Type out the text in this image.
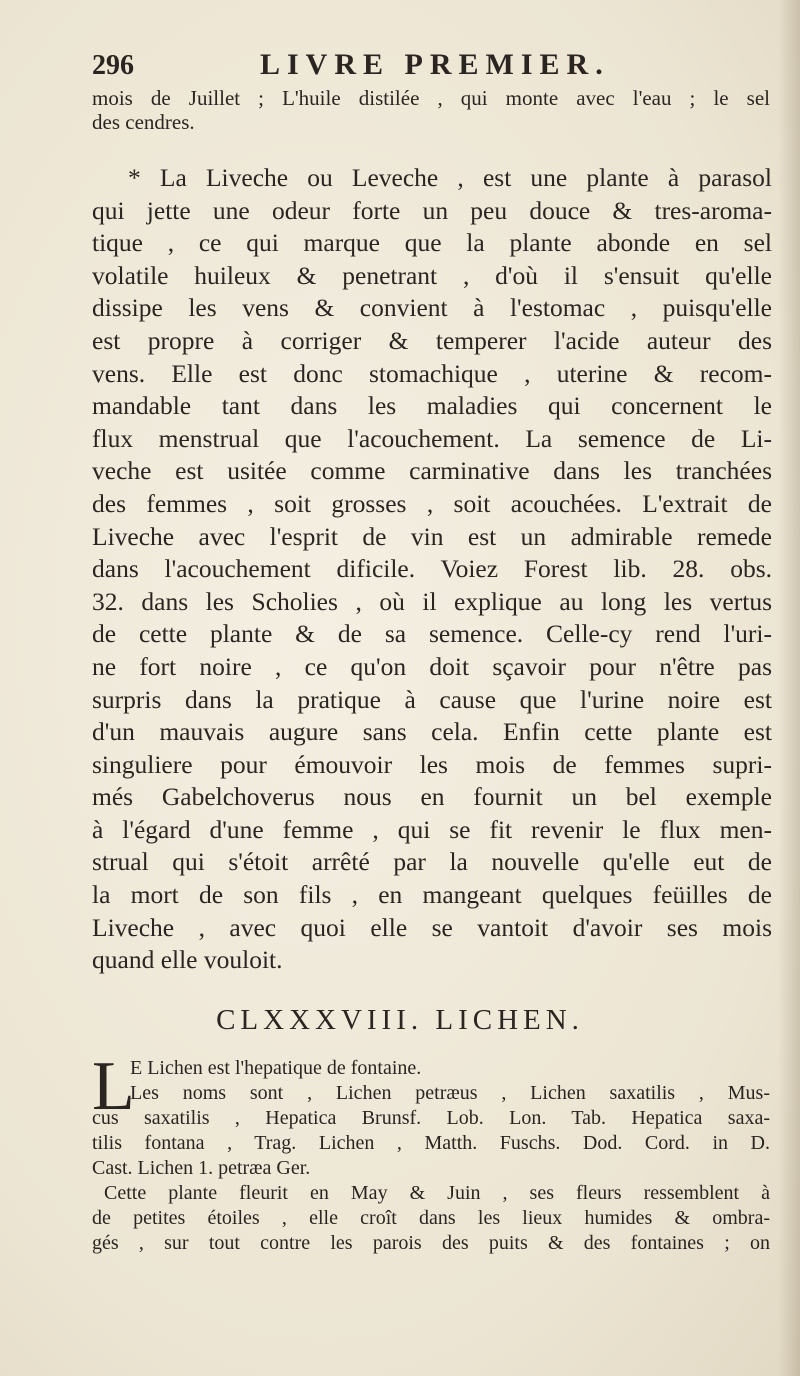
296	LIVRE PREMIER.
mois de Juillet ; L'huile distilée , qui monte avec l'eau ; le sel
des cendres.
* La Liveche ou Leveche , est une plante à parasol
qui jette une odeur forte un peu douce & tres-aroma-
tique , ce qui marque que la plante abonde en sel
volatile huileux & penetrant , d'où il s'ensuit qu'elle
dissipe les vens & convient à l'estomac , puisqu'elle
est propre à corriger & temperer l'acide auteur des
vens. Elle est donc stomachique , uterine & recom-
mandable tant dans les maladies qui concernent le
flux menstrual que l'acouchement. La semence de Li-
veche est usitée comme carminative dans les tranchées
des femmes , soit grosses , soit acouchées. L'extrait de
Liveche avec l'esprit de vin est un admirable remede
dans l'acouchement dificile. Voiez Forest lib. 28. obs.
32. dans les Scholies , où il explique au long les vertus
de cette plante & de sa semence. Celle-cy rend l'uri-
ne fort noire , ce qu'on doit sçavoir pour n'être pas
surpris dans la pratique à cause que l'urine noire est
d'un mauvais augure sans cela. Enfin cette plante est
singuliere pour émouvoir les mois de femmes supri-
més Gabelchoverus nous en fournit un bel exemple
à l'égard d'une femme , qui se fit revenir le flux men-
strual qui s'étoit arrêté par la nouvelle qu'elle eut de
la mort de son fils , en mangeant quelques feüilles de
Liveche , avec quoi elle se vantoit d'avoir ses mois
quand elle vouloit.
CLXXXVIII. LICHEN.
L
E Lichen est l'hepatique de fontaine.
Les noms sont , Lichen petræus , Lichen saxatilis , Mus-
cus saxatilis , Hepatica Brunsf. Lob. Lon. Tab. Hepatica saxa-
tilis fontana , Trag. Lichen , Matth. Fuschs. Dod. Cord. in D.
Cast. Lichen 1. petræa Ger.
Cette plante fleurit en May & Juin , ses fleurs ressemblent à
de petites étoiles , elle croît dans les lieux humides & ombra-
gés , sur tout contre les parois des puits & des fontaines ; on
